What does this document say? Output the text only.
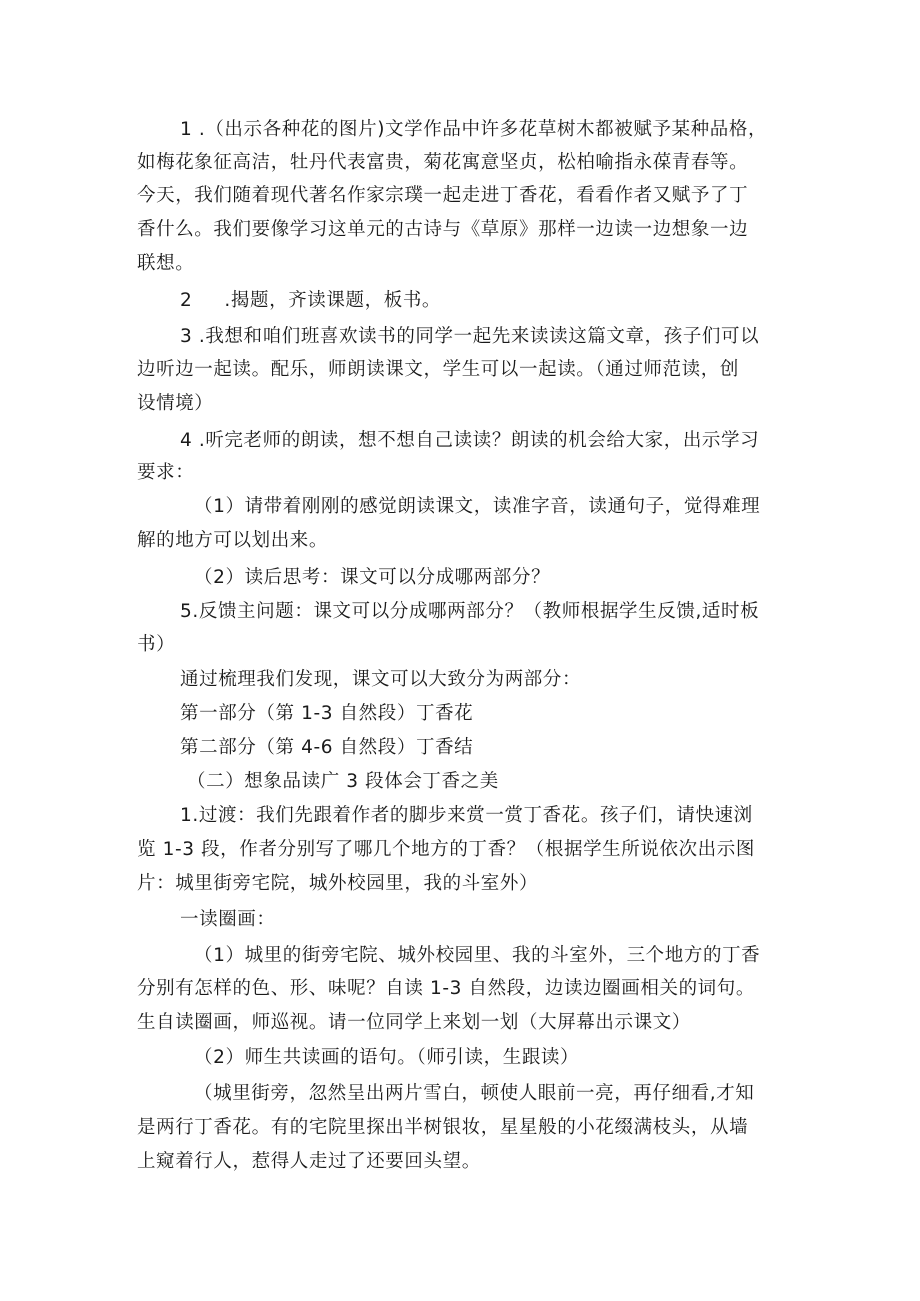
1 .（出示各种花的图片)文学作品中许多花草树木都被赋予某种品格，
如梅花象征高洁，牡丹代表富贵，菊花寓意坚贞，松柏喻指永葆青春等。
今天，我们随着现代著名作家宗璞一起走进丁香花，看看作者又赋予了丁
香什么。我们要像学习这单元的古诗与《草原》那样一边读一边想象一边
联想。
2 　 .揭题，齐读课题，板书。
3 .我想和咱们班喜欢读书的同学一起先来读读这篇文章，孩子们可以
边听边一起读。配乐，师朗读课文，学生可以一起读。（通过师范读，创
设情境）
4 .听完老师的朗读，想不想自己读读？朗读的机会给大家，出示学习
要求：
（1）请带着刚刚的感觉朗读课文，读准字音，读通句子，觉得难理
解的地方可以划出来。
（2）读后思考：课文可以分成哪两部分？
5.反馈主问题：课文可以分成哪两部分？（教师根据学生反馈,适时板
书）
通过梳理我们发现，课文可以大致分为两部分：
第一部分（第 1-3 自然段）丁香花
第二部分（第 4-6 自然段）丁香结
（二）想象品读广 3 段体会丁香之美
1.过渡：我们先跟着作者的脚步来赏一赏丁香花。孩子们，请快速浏
览 1-3 段，作者分别写了哪几个地方的丁香？（根据学生所说依次出示图
片：城里街旁宅院，城外校园里，我的斗室外）
一读圈画：
（1）城里的街旁宅院、城外校园里、我的斗室外，三个地方的丁香
分别有怎样的色、形、味呢？自读 1-3 自然段，边读边圈画相关的词句。
生自读圈画，师巡视。请一位同学上来划一划（大屏幕出示课文）
（2）师生共读画的语句。（师引读，生跟读）
（城里街旁，忽然呈出两片雪白，顿使人眼前一亮，再仔细看,才知
是两行丁香花。有的宅院里探出半树银妆，星星般的小花缀满枝头，从墙
上窥着行人，惹得人走过了还要回头望。
